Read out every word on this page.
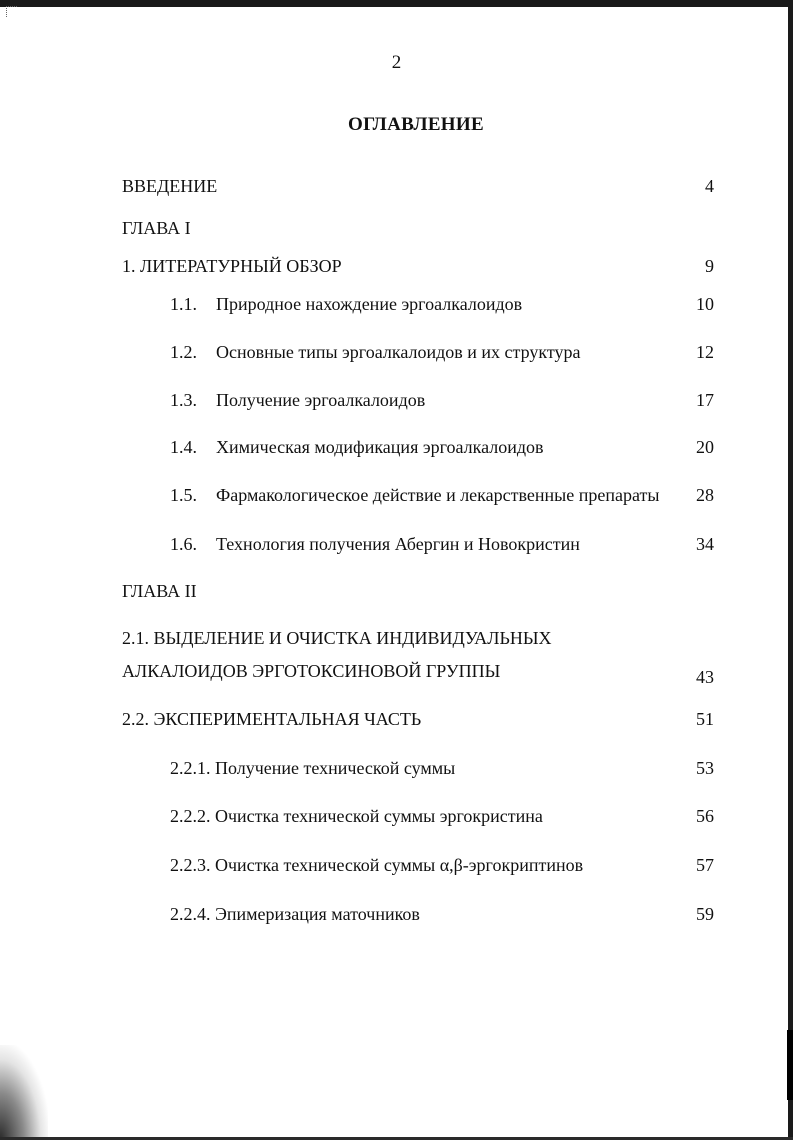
2
ОГЛАВЛЕНИЕ
ВВЕДЕНИЕ	4
ГЛАВА I
1. ЛИТЕРАТУРНЫЙ ОБЗОР	9
1.1. Природное нахождение эргоалкалоидов	10
1.2. Основные типы эргоалкалоидов и их структура	12
1.3. Получение эргоалкалоидов	17
1.4. Химическая модификация эргоалкалоидов	20
1.5. Фармакологическое действие и лекарственные препараты 28
1.6. Технология получения Абергин и Новокристин	34
ГЛАВА II
2.1. ВЫДЕЛЕНИЕ И ОЧИСТКА ИНДИВИДУАЛЬНЫХ
АЛКАЛОИДОВ ЭРГОТОКСИНОВОЙ ГРУППЫ	43
2.2. ЭКСПЕРИМЕНТАЛЬНАЯ ЧАСТЬ	51
2.2.1. Получение технической суммы	53
2.2.2. Очистка технической суммы эргокристина	56
2.2.3. Очистка технической суммы α,β-эргокриптинов	57
2.2.4. Эпимеризация маточников	59
